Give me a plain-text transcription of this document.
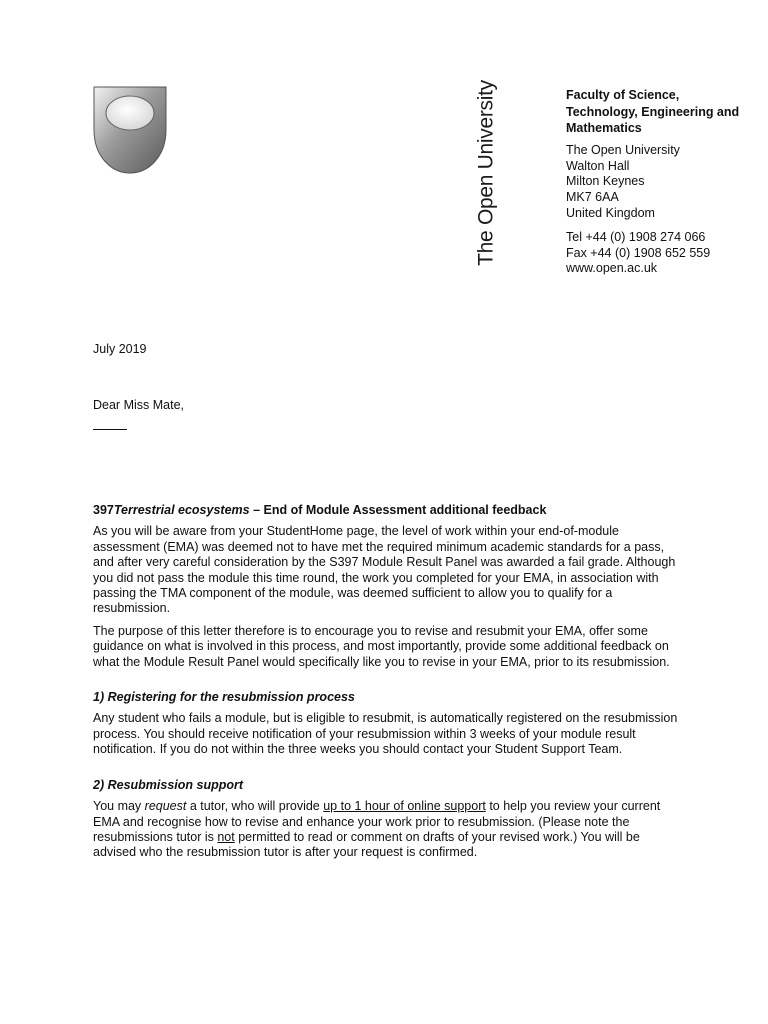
The Open University	Faculty of Science,
Technology, Engineering and
Mathematics
The Open University
Walton Hall
Milton Keynes
MK7 6AA
United Kingdom
Tel +44 (0) 1908 274 066
Fax +44 (0) 1908 652 559
www.open.ac.uk
July 2019
Dear Miss Mate,
397Terrestrial ecosystems – End of Module Assessment additional feedback

As you will be aware from your StudentHome page, the level of work within your end-of-module assessment (EMA) was deemed not to have met the required minimum academic standards for a pass, and after very careful consideration by the S397 Module Result Panel was awarded a fail grade. Although you did not pass the module this time round, the work you completed for your EMA, in association with passing the TMA component of the module, was deemed sufficient to allow you to qualify for a resubmission.

The purpose of this letter therefore is to encourage you to revise and resubmit your EMA, offer some guidance on what is involved in this process, and most importantly, provide some additional feedback on what the Module Result Panel would specifically like you to revise in your EMA, prior to its resubmission.

1) Registering for the resubmission process

Any student who fails a module, but is eligible to resubmit, is automatically registered on the resubmission process. You should receive notification of your resubmission within 3 weeks of your module result notification. If you do not within the three weeks you should contact your Student Support Team.

2) Resubmission support

You may request a tutor, who will provide up to 1 hour of online support to help you review your current EMA and recognise how to revise and enhance your work prior to resubmission. (Please note the resubmissions tutor is not permitted to read or comment on drafts of your revised work.) You will be advised who the resubmission tutor is after your request is confirmed.
